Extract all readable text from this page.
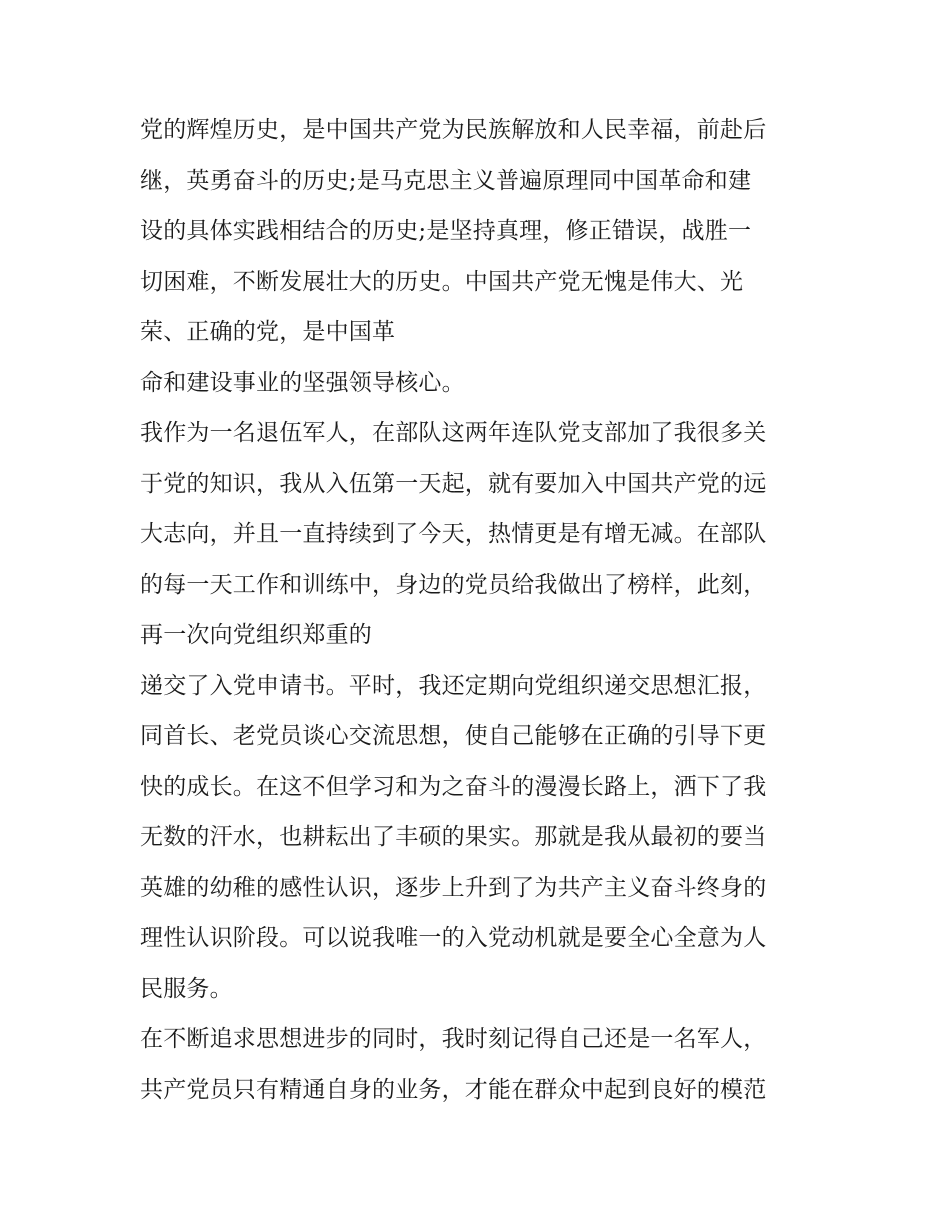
党的辉煌历史，是中国共产党为民族解放和人民幸福，前赴后
继，英勇奋斗的历史;是马克思主义普遍原理同中国革命和建
设的具体实践相结合的历史;是坚持真理，修正错误，战胜一
切困难，不断发展壮大的历史。中国共产党无愧是伟大、光
荣、正确的党，是中国革
命和建设事业的坚强领导核心。
我作为一名退伍军人，在部队这两年连队党支部加了我很多关
于党的知识，我从入伍第一天起，就有要加入中国共产党的远
大志向，并且一直持续到了今天，热情更是有增无减。在部队
的每一天工作和训练中，身边的党员给我做出了榜样，此刻，
再一次向党组织郑重的
递交了入党申请书。平时，我还定期向党组织递交思想汇报，
同首长、老党员谈心交流思想，使自己能够在正确的引导下更
快的成长。在这不但学习和为之奋斗的漫漫长路上，洒下了我
无数的汗水，也耕耘出了丰硕的果实。那就是我从最初的要当
英雄的幼稚的感性认识，逐步上升到了为共产主义奋斗终身的
理性认识阶段。可以说我唯一的入党动机就是要全心全意为人
民服务。
在不断追求思想进步的同时，我时刻记得自己还是一名军人，
共产党员只有精通自身的业务，才能在群众中起到良好的模范
